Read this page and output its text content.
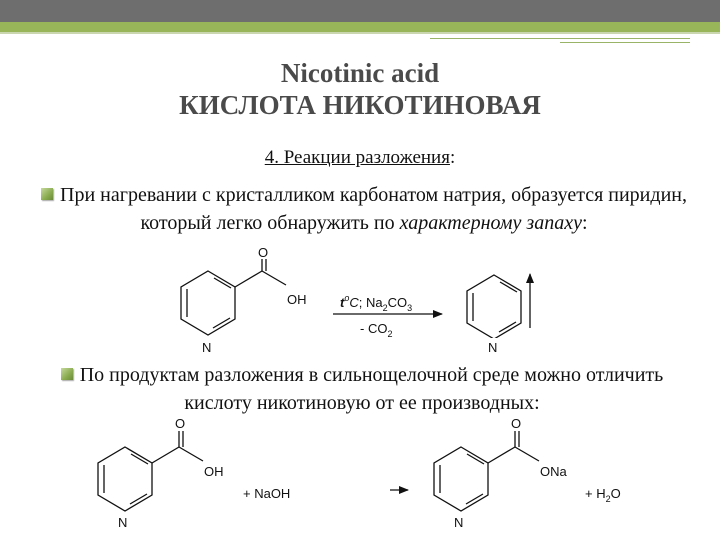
Nicotinic acid
КИСЛОТА НИКОТИНОВАЯ
4. Реакции разложения:
При нагревании с кристалликом карбонатом натрия, образуется пиридин, который легко обнаружить по характерному запаху:
По продуктам разложения в сильнощелочной среде можно отличить кислоту никотиновую от ее производных:
N
O
OH	$t^oC$; $Na_2CO_3$
- $CO_2$
N
N
O
OH
+ NaOH
N
O
ONa
+ $H_2O$
